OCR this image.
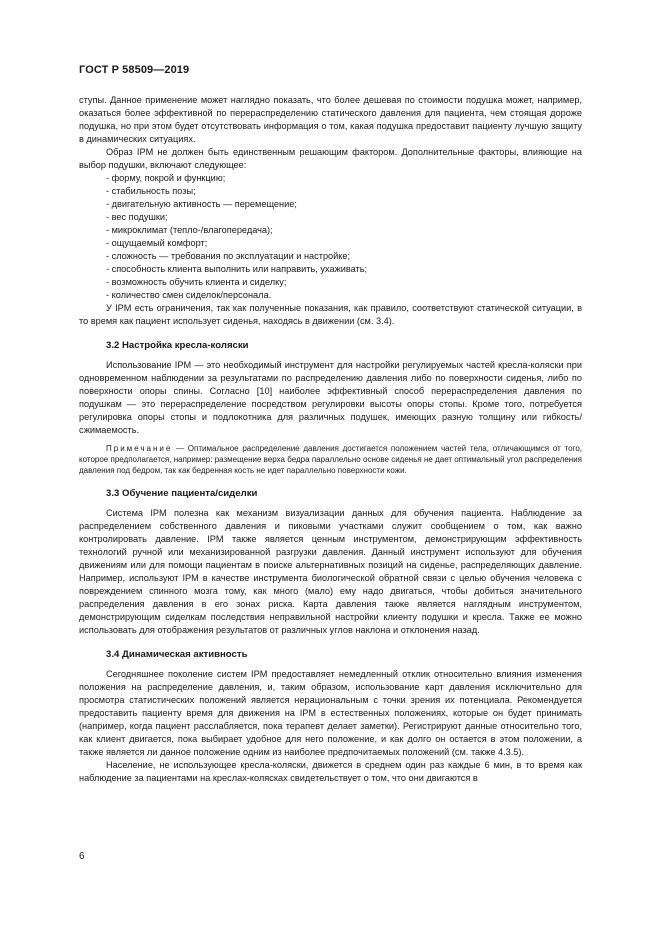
ГОСТ Р 58509—2019

ступы. Данное применение может наглядно показать, что более дешевая по стоимости подушка может, например, оказаться более эффективной по перераспределению статического давления для пациента, чем стоящая дороже подушка, но при этом будет отсутствовать информация о том, какая подушка предоставит пациенту лучшую защиту в динамических ситуациях.

Образ IPM не должен быть единственным решающим фактором. Дополнительные факторы, влияющие на выбор подушки, включают следующее:

- форму, покрой и функцию;
- стабильность позы;
- двигательную активность — перемещение;
- вес подушки;
- микроклимат (тепло-/влагопередача);
- ощущаемый комфорт;
- сложность — требования по эксплуатации и настройке;
- способность клиента выполнить или направить, ухаживать;
- возможность обучить клиента и сиделку;
- количество смен сиделок/персонала.

У IPM есть ограничения, так как полученные показания, как правило, соответствуют статической ситуации, в то время как пациент использует сиденья, находясь в движении (см. 3.4).

3.2 Настройка кресла-коляски

Использование IPM — это необходимый инструмент для настройки регулируемых частей кресла-коляски при одновременном наблюдении за результатами по распределению давления либо по поверхности сиденья, либо по поверхности опоры спины. Согласно [10] наиболее эффективный способ перераспределения давления по подушкам — это перераспределение посредством регулировки высоты опоры стопы. Кроме того, потребуется регулировка опоры стопы и подлокотника для различных подушек, имеющих разную толщину или гибкость/сжимаемость.

Примечание — Оптимальное распределение давления достигается положением частей тела, отличающимся от того, которое предполагается, например: размещение верха бедра параллельно основе сиденья не дает оптимальный угол распределения давления под бедром, так как бедренная кость не идет параллельно поверхности кожи.

3.3 Обучение пациента/сиделки

Система IPM полезна как механизм визуализации данных для обучения пациента. Наблюдение за распределением собственного давления и пиковыми участками служит сообщением о том, как важно контролировать давление. IPM также является ценным инструментом, демонстрирующим эффективность технологий ручной или механизированной разгрузки давления. Данный инструмент используют для обучения движениям или для помощи пациентам в поиске альтернативных позиций на сиденье, распределяющих давление. Например, используют IPM в качестве инструмента биологической обратной связи с целью обучения человека с повреждением спинного мозга тому, как много (мало) ему надо двигаться, чтобы добиться значительного распределения давления в его зонах риска. Карта давления также является наглядным инструментом, демонстрирующим сиделкам последствия неправильной настройки клиенту подушки и кресла. Также ее можно использовать для отображения результатов от различных углов наклона и отклонения назад.

3.4 Динамическая активность

Сегодняшнее поколение систем IPM предоставляет немедленный отклик относительно влияния изменения положения на распределение давления, и, таким образом, использование карт давления исключительно для просмотра статистических положений является нерациональным с точки зрения их потенциала. Рекомендуется предоставить пациенту время для движения на IPM в естественных положениях, которые он будет принимать (например, когда пациент расслабляется, пока терапевт делает заметки). Регистрируют данные относительно того, как клиент двигается, пока выбирает удобное для него положение, и как долго он остается в этом положении, а также является ли данное положение одним из наиболее предпочитаемых положений (см. также 4.3.5).

Население, не использующее кресла-коляски, движется в среднем один раз каждые 6 мин, в то время как наблюдение за пациентами на креслах-колясках свидетельствует о том, что они двигаются в

6
